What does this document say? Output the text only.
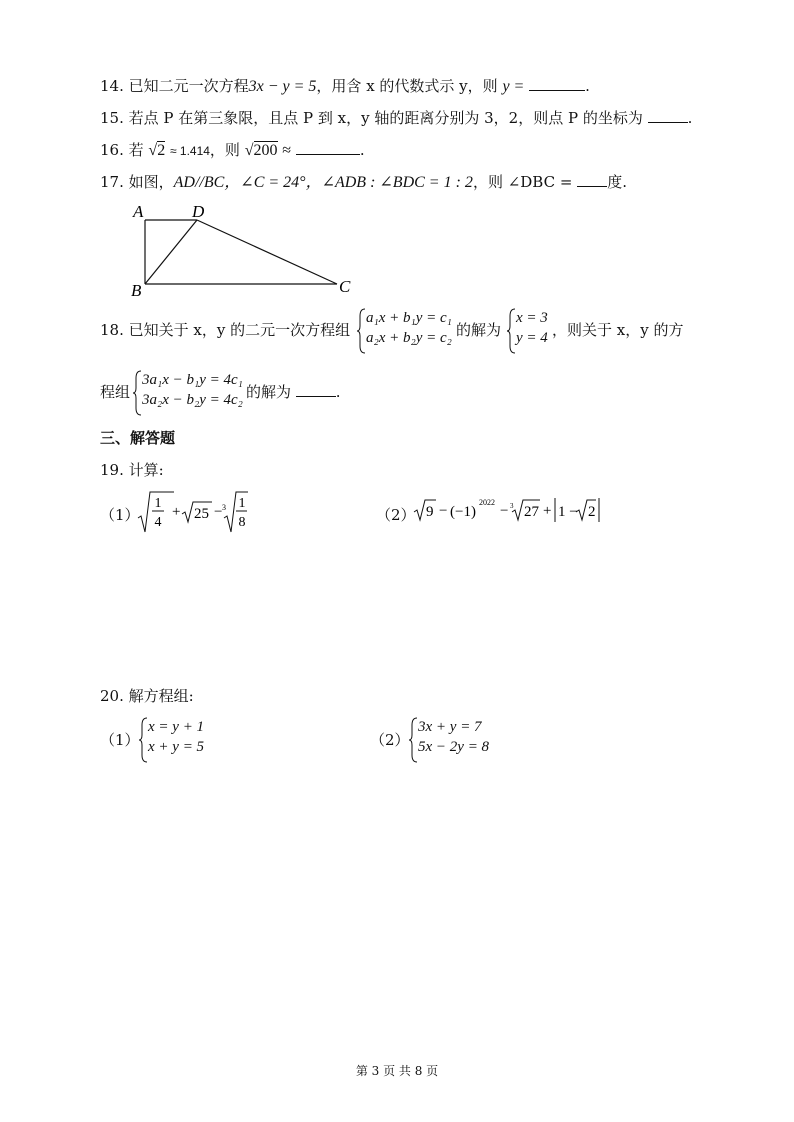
14. 已知二元一次方程3x − y = 5，用含 x 的代数式示 y，则 y =	.
15. 若点 P 在第三象限，且点 P 到 x，y 轴的距离分别为 3，2，则点 P 的坐标为	.
16. 若 √2 ≈ 1.414，则 √200 ≈	.
17. 如图，AD//BC，∠C = 24°，∠ADB : ∠BDC = 1 : 2，则 ∠DBC = 度.
A	D
B	C
18. 已知关于 x，y 的二元一次方程组
a₁x + b₁y = c₁
a₂x + b₂y = c₂ 的解为
x = 3
y = 4 ，则关于 x，y 的方
程组
3a₁x − b₁y = 4c₁
3a₂x − b₂y = 4c₂ 的解为	.
三、解答题
19. 计算:
（1）
1
4
+ 25 − 3 1
8	（2） 9 − (−1)
2022
− 3 27 + 1 − 2
20. 解方程组:
（1）
x = y + 1
x + y = 5	（2）
3x + y = 7
5x − 2y = 8
第 3 页 共 8 页
